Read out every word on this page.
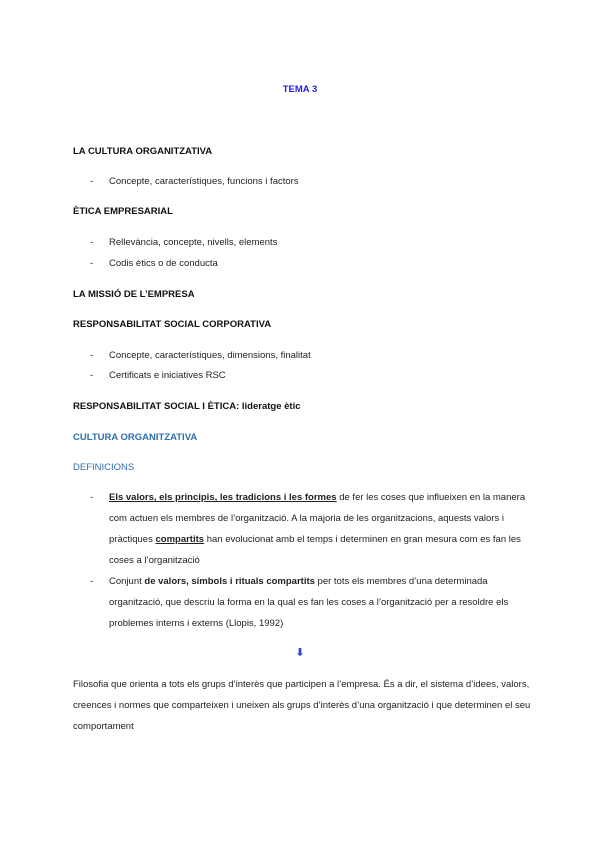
TEMA 3
LA CULTURA ORGANITZATIVA
- Concepte, característiques, funcions i factors
ÈTICA EMPRESARIAL
- Rellevància, concepte, nivells, elements
- Codis ètics o de conducta
LA MISSIÓ DE L’EMPRESA
RESPONSABILITAT SOCIAL CORPORATIVA
- Concepte, característiques, dimensions, finalitat
- Certificats e iniciatives RSC
RESPONSABILITAT SOCIAL I ÈTICA: lideratge ètic
CULTURA ORGANITZATIVA
DEFINICIONS
- Els valors, els principis, les tradicions i les formes de fer les coses que influeixen en la manera com actuen els membres de l’organització. A la majoria de les organitzacions, aquests valors i pràctiques compartits han evolucionat amb el temps i determinen en gran mesura com es fan les coses a l’organització
- Conjunt de valors, símbols i rituals compartits per tots els membres d’una determinada organització, que descriu la forma en la qual es fan les coses a l’organització per a resoldre els problemes interns i externs (Llopis, 1992)
⬇
Filosofia que orienta a tots els grups d’interès que participen a l’empresa. És a dir, el sistema d’idees, valors, creences i normes que comparteixen i uneixen als grups d’interès d’una organització i que determinen el seu comportament
